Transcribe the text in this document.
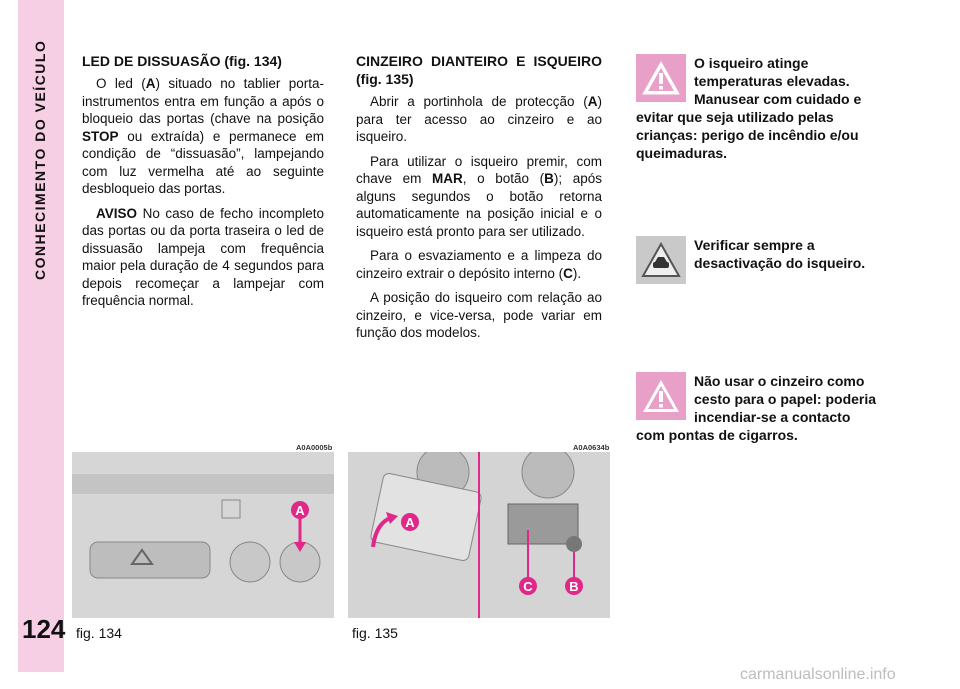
CONHECIMENTO DO VEÍCULO
124
LED DE DISSUASÃO (fig. 134)

O led (A) situado no tablier porta-instrumentos entra em função a após o bloqueio das portas (chave na posição STOP ou extraída) e permanece em condição de “dissuasão”, lampejando com luz vermelha até ao seguinte desbloqueio das portas.

AVISO No caso de fecho incompleto das portas ou da porta traseira o led de dissuasão lampeja com frequência maior pela duração de 4 segundos para depois recomeçar a lampejar com frequência normal.

CINZEIRO DIANTEIRO E ISQUEIRO (fig. 135)

Abrir a portinhola de protecção (A) para ter acesso ao cinzeiro e ao isqueiro.

Para utilizar o isqueiro premir, com chave em MAR, o botão (B); após alguns segundos o botão retorna automaticamente na posição inicial e o isqueiro está pronto para ser utilizado.

Para o esvaziamento e a limpeza do cinzeiro extrair o depósito interno (C).

A posição do isqueiro com relação ao cinzeiro, e vice-versa, pode variar em função dos modelos.

O isqueiro atinge temperaturas elevadas. Manusear com cuidado e evitar que seja utilizado pelas crianças: perigo de incêndio e/ou queimaduras.
Verificar sempre a desactivação do isqueiro.
Não usar o cinzeiro como cesto para o papel: poderia incendiar-se a contacto com pontas de cigarros.
A0A0005b
A
fig. 134
A0A0634b
A
C	B
fig. 135
carmanualsonline.info
